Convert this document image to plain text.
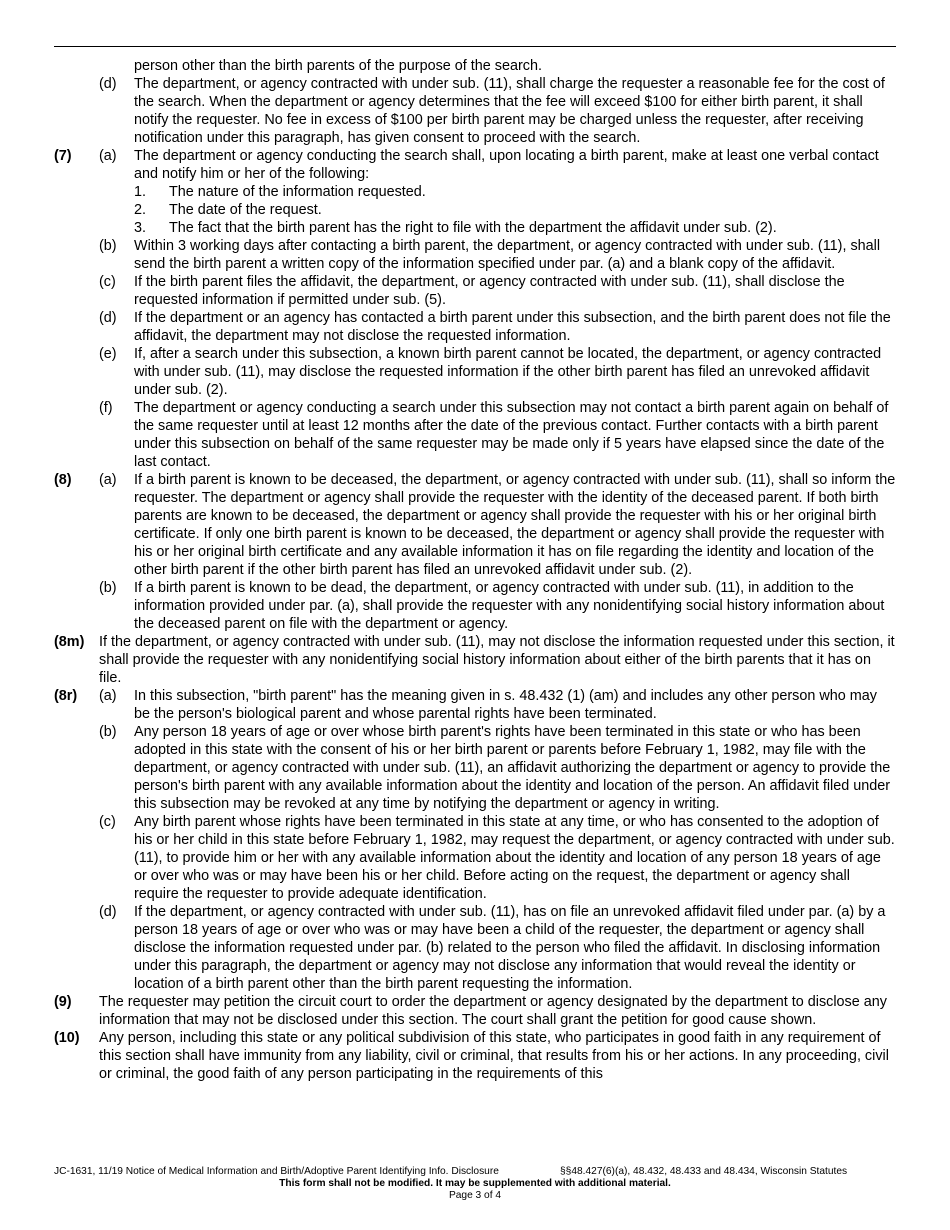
person other than the birth parents of the purpose of the search.
(d) The department, or agency contracted with under sub. (11), shall charge the requester a reasonable fee for the cost of the search. When the department or agency determines that the fee will exceed $100 for either birth parent, it shall notify the requester. No fee in excess of $100 per birth parent may be charged unless the requester, after receiving notification under this paragraph, has given consent to proceed with the search.
(7) (a) The department or agency conducting the search shall, upon locating a birth parent, make at least one verbal contact and notify him or her of the following:
1. The nature of the information requested.
2. The date of the request.
3. The fact that the birth parent has the right to file with the department the affidavit under sub. (2).
(b) Within 3 working days after contacting a birth parent, the department, or agency contracted with under sub. (11), shall send the birth parent a written copy of the information specified under par. (a) and a blank copy of the affidavit.
(c) If the birth parent files the affidavit, the department, or agency contracted with under sub. (11), shall disclose the requested information if permitted under sub. (5).
(d) If the department or an agency has contacted a birth parent under this subsection, and the birth parent does not file the affidavit, the department may not disclose the requested information.
(e) If, after a search under this subsection, a known birth parent cannot be located, the department, or agency contracted with under sub. (11), may disclose the requested information if the other birth parent has filed an unrevoked affidavit under sub. (2).
(f) The department or agency conducting a search under this subsection may not contact a birth parent again on behalf of the same requester until at least 12 months after the date of the previous contact. Further contacts with a birth parent under this subsection on behalf of the same requester may be made only if 5 years have elapsed since the date of the last contact.
(8) (a) If a birth parent is known to be deceased, the department, or agency contracted with under sub. (11), shall so inform the requester. The department or agency shall provide the requester with the identity of the deceased parent. If both birth parents are known to be deceased, the department or agency shall provide the requester with his or her original birth certificate. If only one birth parent is known to be deceased, the department or agency shall provide the requester with his or her original birth certificate and any available information it has on file regarding the identity and location of the other birth parent if the other birth parent has filed an unrevoked affidavit under sub. (2).
(b) If a birth parent is known to be dead, the department, or agency contracted with under sub. (11), in addition to the information provided under par. (a), shall provide the requester with any nonidentifying social history information about the deceased parent on file with the department or agency.
(8m) If the department, or agency contracted with under sub. (11), may not disclose the information requested under this section, it shall provide the requester with any nonidentifying social history information about either of the birth parents that it has on file.
(8r) (a) In this subsection, "birth parent" has the meaning given in s. 48.432 (1) (am) and includes any other person who may be the person's biological parent and whose parental rights have been terminated.
(b) Any person 18 years of age or over whose birth parent's rights have been terminated in this state or who has been adopted in this state with the consent of his or her birth parent or parents before February 1, 1982, may file with the department, or agency contracted with under sub. (11), an affidavit authorizing the department or agency to provide the person's birth parent with any available information about the identity and location of the person. An affidavit filed under this subsection may be revoked at any time by notifying the department or agency in writing.
(c) Any birth parent whose rights have been terminated in this state at any time, or who has consented to the adoption of his or her child in this state before February 1, 1982, may request the department, or agency contracted with under sub. (11), to provide him or her with any available information about the identity and location of any person 18 years of age or over who was or may have been his or her child. Before acting on the request, the department or agency shall require the requester to provide adequate identification.
(d) If the department, or agency contracted with under sub. (11), has on file an unrevoked affidavit filed under par. (a) by a person 18 years of age or over who was or may have been a child of the requester, the department or agency shall disclose the information requested under par. (b) related to the person who filed the affidavit. In disclosing information under this paragraph, the department or agency may not disclose any information that would reveal the identity or location of a birth parent other than the birth parent requesting the information.
(9) The requester may petition the circuit court to order the department or agency designated by the department to disclose any information that may not be disclosed under this section. The court shall grant the petition for good cause shown.
(10) Any person, including this state or any political subdivision of this state, who participates in good faith in any requirement of this section shall have immunity from any liability, civil or criminal, that results from his or her actions. In any proceeding, civil or criminal, the good faith of any person participating in the requirements of this
JC-1631, 11/19 Notice of Medical Information and Birth/Adoptive Parent Identifying Info. Disclosure	§§48.427(6)(a), 48.432, 48.433 and 48.434, Wisconsin Statutes
This form shall not be modified. It may be supplemented with additional material.
Page 3 of 4
